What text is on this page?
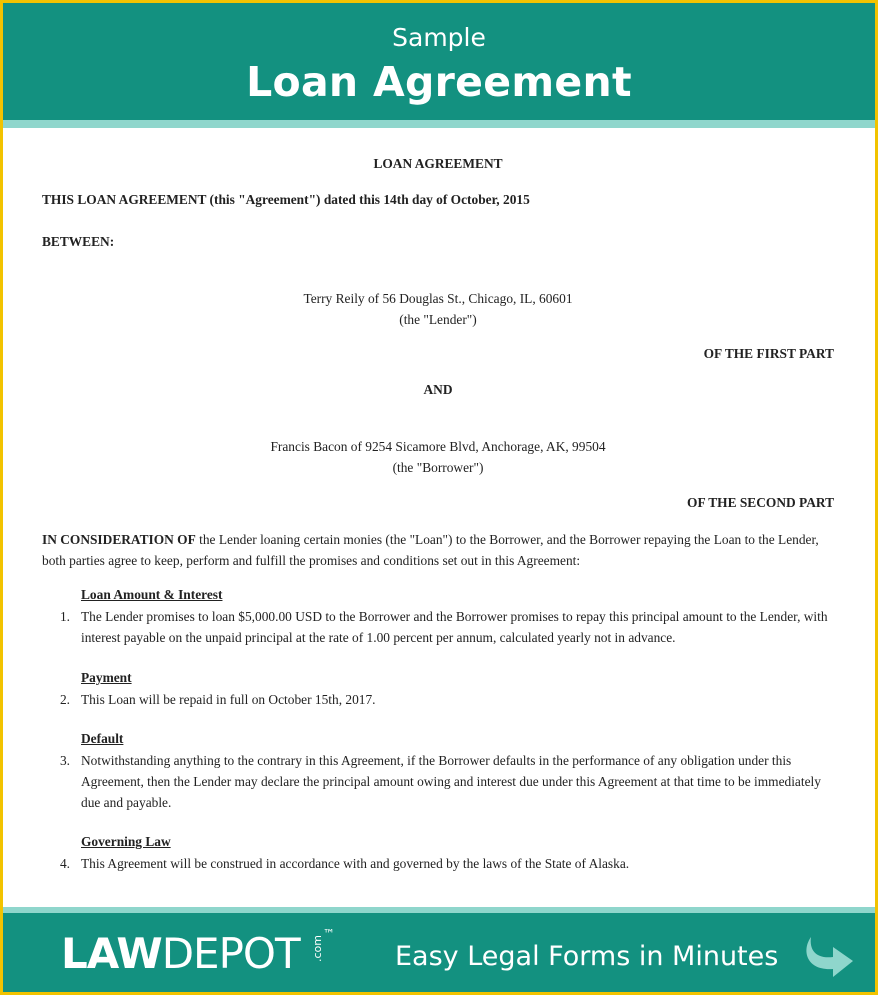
Sample
Loan Agreement
LOAN AGREEMENT
THIS LOAN AGREEMENT (this "Agreement") dated this 14th day of October, 2015
BETWEEN:
Terry Reily of 56 Douglas St., Chicago, IL, 60601
(the "Lender")
OF THE FIRST PART
AND
Francis Bacon of 9254 Sicamore Blvd, Anchorage, AK, 99504
(the "Borrower")
OF THE SECOND PART
IN CONSIDERATION OF the Lender loaning certain monies (the "Loan") to the Borrower, and the Borrower repaying the Loan to the Lender, both parties agree to keep, perform and fulfill the promises and conditions set out in this Agreement:
Loan Amount & Interest
1. The Lender promises to loan $5,000.00 USD to the Borrower and the Borrower promises to repay this principal amount to the Lender, with interest payable on the unpaid principal at the rate of 1.00 percent per annum, calculated yearly not in advance.
Payment
2. This Loan will be repaid in full on October 15th, 2017.
Default
3. Notwithstanding anything to the contrary in this Agreement, if the Borrower defaults in the performance of any obligation under this Agreement, then the Lender may declare the principal amount owing and interest due under this Agreement at that time to be immediately due and payable.
Governing Law
4. This Agreement will be construed in accordance with and governed by the laws of the State of Alaska.
LAWDEPOT .com
™
Easy Legal Forms in Minutes
